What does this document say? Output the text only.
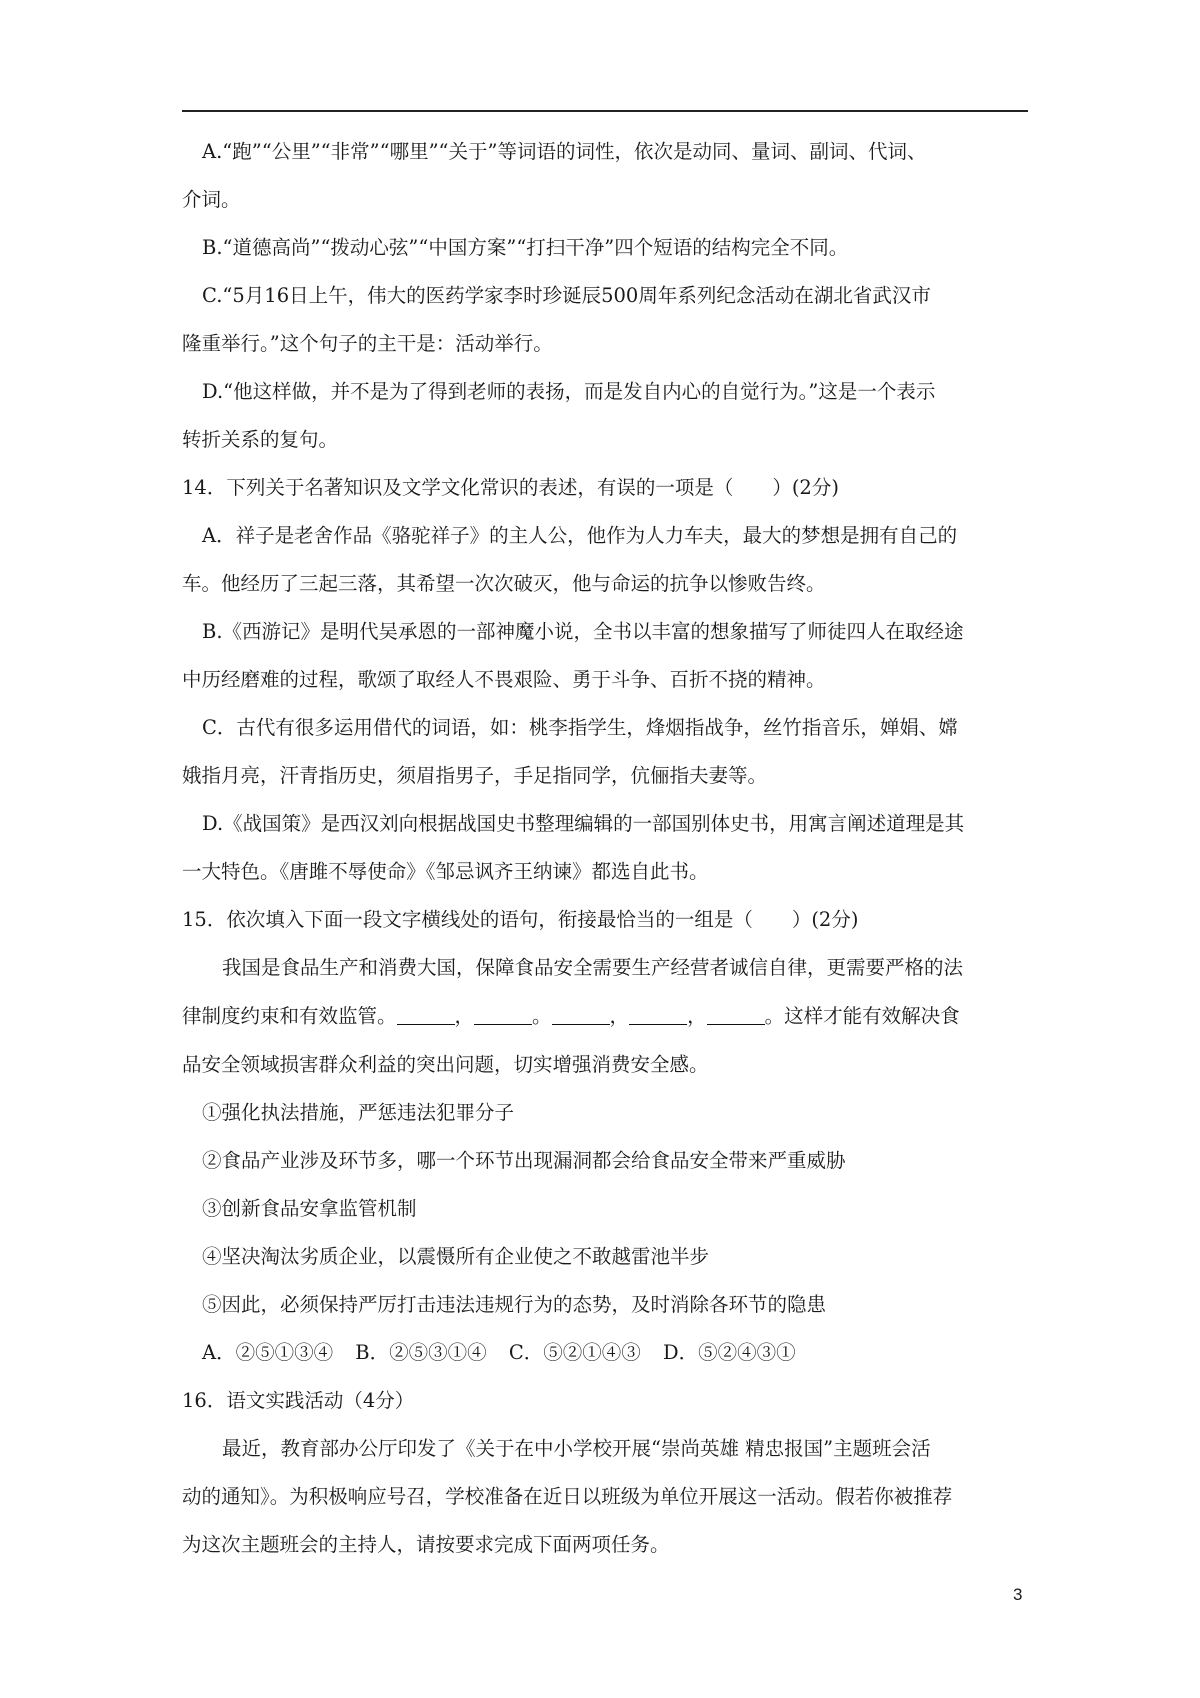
A.“跑”“公里”“非常”“哪里”“关于”等词语的词性，依次是动同、量词、副词、代词、

介词。

B.“道德高尚”“拨动心弦”“中国方案”“打扫干净”四个短语的结构完全不同。

C.“5月16日上午，伟大的医药学家李时珍诞辰500周年系列纪念活动在湖北省武汉市

隆重举行。”这个句子的主干是：活动举行。

D.“他这样做，并不是为了得到老师的表扬，而是发自内心的自觉行为。”这是一个表示

转折关系的复句。

14．下列关于名著知识及文学文化常识的表述，有误的一项是（　　）(2分)

A．祥子是老舍作品《骆驼祥子》的主人公，他作为人力车夫，最大的梦想是拥有自己的

车。他经历了三起三落，其希望一次次破灭，他与命运的抗争以惨败告终。

B.《西游记》是明代吴承恩的一部神魔小说，全书以丰富的想象描写了师徒四人在取经途

中历经磨难的过程，歌颂了取经人不畏艰险、勇于斗争、百折不挠的精神。

C．古代有很多运用借代的词语，如：桃李指学生，烽烟指战争，丝竹指音乐，婵娟、嫦

娥指月亮，汗青指历史，须眉指男子，手足指同学，伉俪指夫妻等。

D.《战国策》是西汉刘向根据战国史书整理编辑的一部国别体史书，用寓言阐述道理是其

一大特色。《唐雎不辱使命》《邹忌讽齐王纳谏》都选自此书。

15．依次填入下面一段文字横线处的语句，衔接最恰当的一组是（　　）(2分)

我国是食品生产和消费大国，保障食品安全需要生产经营者诚信自律，更需要严格的法

律制度约束和有效监管。	，	。	，	，	。这样才能有效解决食

品安全领域损害群众利益的突出问题，切实增强消费安全感。

①强化执法措施，严惩违法犯罪分子

②食品产业涉及环节多，哪一个环节出现漏洞都会给食品安全带来严重威胁

③创新食品安拿监管机制

④坚决淘汰劣质企业，以震慑所有企业使之不敢越雷池半步

⑤因此，必须保持严厉打击违法违规行为的态势，及时消除各环节的隐患

A．②⑤①③④ B．②⑤③①④ C．⑤②①④③ D．⑤②④③①

16．语文实践活动（4分）

最近，教育部办公厅印发了《关于在中小学校开展“崇尚英雄 精忠报国”主题班会活

动的通知》。为积极响应号召，学校准备在近日以班级为单位开展这一活动。假若你被推荐

为这次主题班会的主持人，请按要求完成下面两项任务。

3
